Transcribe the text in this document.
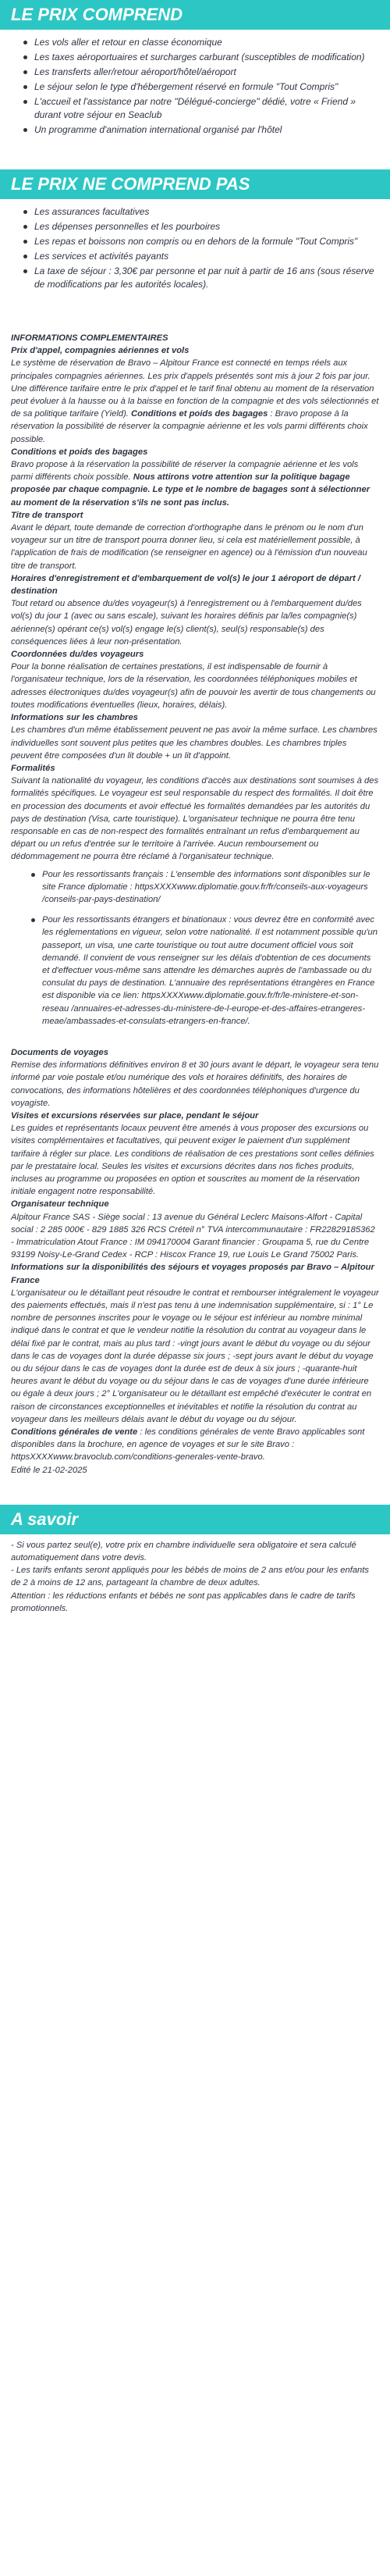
LE PRIX COMPREND
Les vols aller et retour en classe économique
Les taxes aéroportuaires et surcharges carburant (susceptibles de modification)
Les transferts aller/retour aéroport/hôtel/aéroport
Le séjour selon le type d'hébergement réservé en formule "Tout Compris"
L'accueil et l'assistance par notre "Délégué-concierge" dédié, votre « Friend » durant votre séjour en Seaclub
Un programme d'animation international organisé par l'hôtel
LE PRIX NE COMPREND PAS
Les assurances facultatives
Les dépenses personnelles et les pourboires
Les repas et boissons non compris ou en dehors de la formule "Tout Compris"
Les services et activités payants
La taxe de séjour : 3,30€ par personne et par nuit à partir de 16 ans (sous réserve de modifications par les autorités locales).

INFORMATIONS COMPLEMENTAIRES

Prix d'appel, compagnies aériennes et vols

Le système de réservation de Bravo – Alpitour France est connecté en temps réels aux principales compagnies aériennes. Les prix d'appels présentés sont mis à jour 2 fois par jour. Une différence tarifaire entre le prix d'appel et le tarif final obtenu au moment de la réservation peut évoluer à la hausse ou à la baisse en fonction de la compagnie et des vols sélectionnés et de sa politique tarifaire (Yield). Conditions et poids des bagages : Bravo propose à la réservation la possibilité de réserver la compagnie aérienne et les vols parmi différents choix possible.

Conditions et poids des bagages

Bravo propose à la réservation la possibilité de réserver la compagnie aérienne et les vols parmi différents choix possible. Nous attirons votre attention sur la politique bagage proposée par chaque compagnie. Le type et le nombre de bagages sont à sélectionner au moment de la réservation s'ils ne sont pas inclus.

Titre de transport

Avant le départ, toute demande de correction d'orthographe dans le prénom ou le nom d'un voyageur sur un titre de transport pourra donner lieu, si cela est matériellement possible, à l'application de frais de modification (se renseigner en agence) ou à l'émission d'un nouveau titre de transport.

Horaires d'enregistrement et d'embarquement de vol(s) le jour 1 aéroport de départ / destination

Tout retard ou absence du/des voyageur(s) à l'enregistrement ou à l'embarquement du/des vol(s) du jour 1 (avec ou sans escale), suivant les horaires définis par la/les compagnie(s) aérienne(s) opérant ce(s) vol(s) engage le(s) client(s), seul(s) responsable(s) des conséquences liées à leur non-présentation.

Coordonnées du/des voyageurs

Pour la bonne réalisation de certaines prestations, il est indispensable de fournir à l'organisateur technique, lors de la réservation, les coordonnées téléphoniques mobiles et adresses électroniques du/des voyageur(s) afin de pouvoir les avertir de tous changements ou toutes modifications éventuelles (lieux, horaires, délais).

Informations sur les chambres

Les chambres d'un même établissement peuvent ne pas avoir la même surface. Les chambres individuelles sont souvent plus petites que les chambres doubles. Les chambres triples peuvent être composées d'un lit double + un lit d'appoint.

Formalités

Suivant la nationalité du voyageur, les conditions d'accès aux destinations sont soumises à des formalités spécifiques. Le voyageur est seul responsable du respect des formalités. Il doit être en procession des documents et avoir effectué les formalités demandées par les autorités du pays de destination (Visa, carte touristique). L'organisateur technique ne pourra être tenu responsable en cas de non-respect des formalités entraînant un refus d'embarquement au départ ou un refus d'entrée sur le territoire à l'arrivée. Aucun remboursement ou dédommagement ne pourra être réclamé à l'organisateur technique.

Pour les ressortissants français : L'ensemble des informations sont disponibles sur le site France diplomatie : httpsXXXXwww.diplomatie.gouv.fr/fr/conseils-aux-voyageurs /conseils-par-pays-destination/
Pour les ressortissants étrangers et binationaux : vous devrez être en conformité avec les réglementations en vigueur, selon votre nationalité. Il est notamment possible qu'un passeport, un visa, une carte touristique ou tout autre document officiel vous soit demandé. Il convient de vous renseigner sur les délais d'obtention de ces documents et d'effectuer vous-même sans attendre les démarches auprès de l'ambassade ou du consulat du pays de destination. L'annuaire des représentations étrangères en France est disponible via ce lien: httpsXXXXwww.diplomatie.gouv.fr/fr/le-ministere-et-son-reseau /annuaires-et-adresses-du-ministere-de-l-europe-et-des-affaires-etrangeres-meae/ambassades-et-consulats-etrangers-en-france/.

Documents de voyages

Remise des informations définitives environ 8 et 30 jours avant le départ, le voyageur sera tenu informé par voie postale et/ou numérique des vols et horaires définitifs, des horaires de convocations, des informations hôtelières et des coordonnées téléphoniques d'urgence du voyagiste.

Visites et excursions réservées sur place, pendant le séjour

Les guides et représentants locaux peuvent être amenés à vous proposer des excursions ou visites complémentaires et facultatives, qui peuvent exiger le paiement d'un supplément tarifaire à régler sur place. Les conditions de réalisation de ces prestations sont celles définies par le prestataire local. Seules les visites et excursions décrites dans nos fiches produits, incluses au programme ou proposées en option et souscrites au moment de la réservation initiale engagent notre responsabilité.

Organisateur technique

Alpitour France SAS - Siège social : 13 avenue du Général Leclerc Maisons-Alfort - Capital social : 2 285 000€ - 829 1885 326 RCS Créteil n° TVA intercommunautaire : FR22829185362 - Immatriculation Atout France : IM 094170004 Garant financier : Groupama 5, rue du Centre 93199 Noisy-Le-Grand Cedex - RCP : Hiscox France 19, rue Louis Le Grand 75002 Paris.

Informations sur la disponibilités des séjours et voyages proposés par Bravo – Alpitour France

L'organisateur ou le détaillant peut résoudre le contrat et rembourser intégralement le voyageur des paiements effectués, mais il n'est pas tenu à une indemnisation supplémentaire, si : 1° Le nombre de personnes inscrites pour le voyage ou le séjour est inférieur au nombre minimal indiqué dans le contrat et que le vendeur notifie la résolution du contrat au voyageur dans le délai fixé par le contrat, mais au plus tard : -vingt jours avant le début du voyage ou du séjour dans le cas de voyages dont la durée dépasse six jours ; -sept jours avant le début du voyage ou du séjour dans le cas de voyages dont la durée est de deux à six jours ; -quarante-huit heures avant le début du voyage ou du séjour dans le cas de voyages d'une durée inférieure ou égale à deux jours ; 2° L'organisateur ou le détaillant est empêché d'exécuter le contrat en raison de circonstances exceptionnelles et inévitables et notifie la résolution du contrat au voyageur dans les meilleurs délais avant le début du voyage ou du séjour.

Conditions générales de vente : les conditions générales de vente Bravo applicables sont disponibles dans la brochure, en agence de voyages et sur le site Bravo : httpsXXXXwww.bravoclub.com/conditions-generales-vente-bravo.

Edité le 21-02-2025

A savoir

- Si vous partez seul(e), votre prix en chambre individuelle sera obligatoire et sera calculé automatiquement dans votre devis.

- Les tarifs enfants seront appliqués pour les bébés de moins de 2 ans et/ou pour les enfants de 2 à moins de 12 ans, partageant la chambre de deux adultes.

Attention : les réductions enfants et bébés ne sont pas applicables dans le cadre de tarifs promotionnels.
